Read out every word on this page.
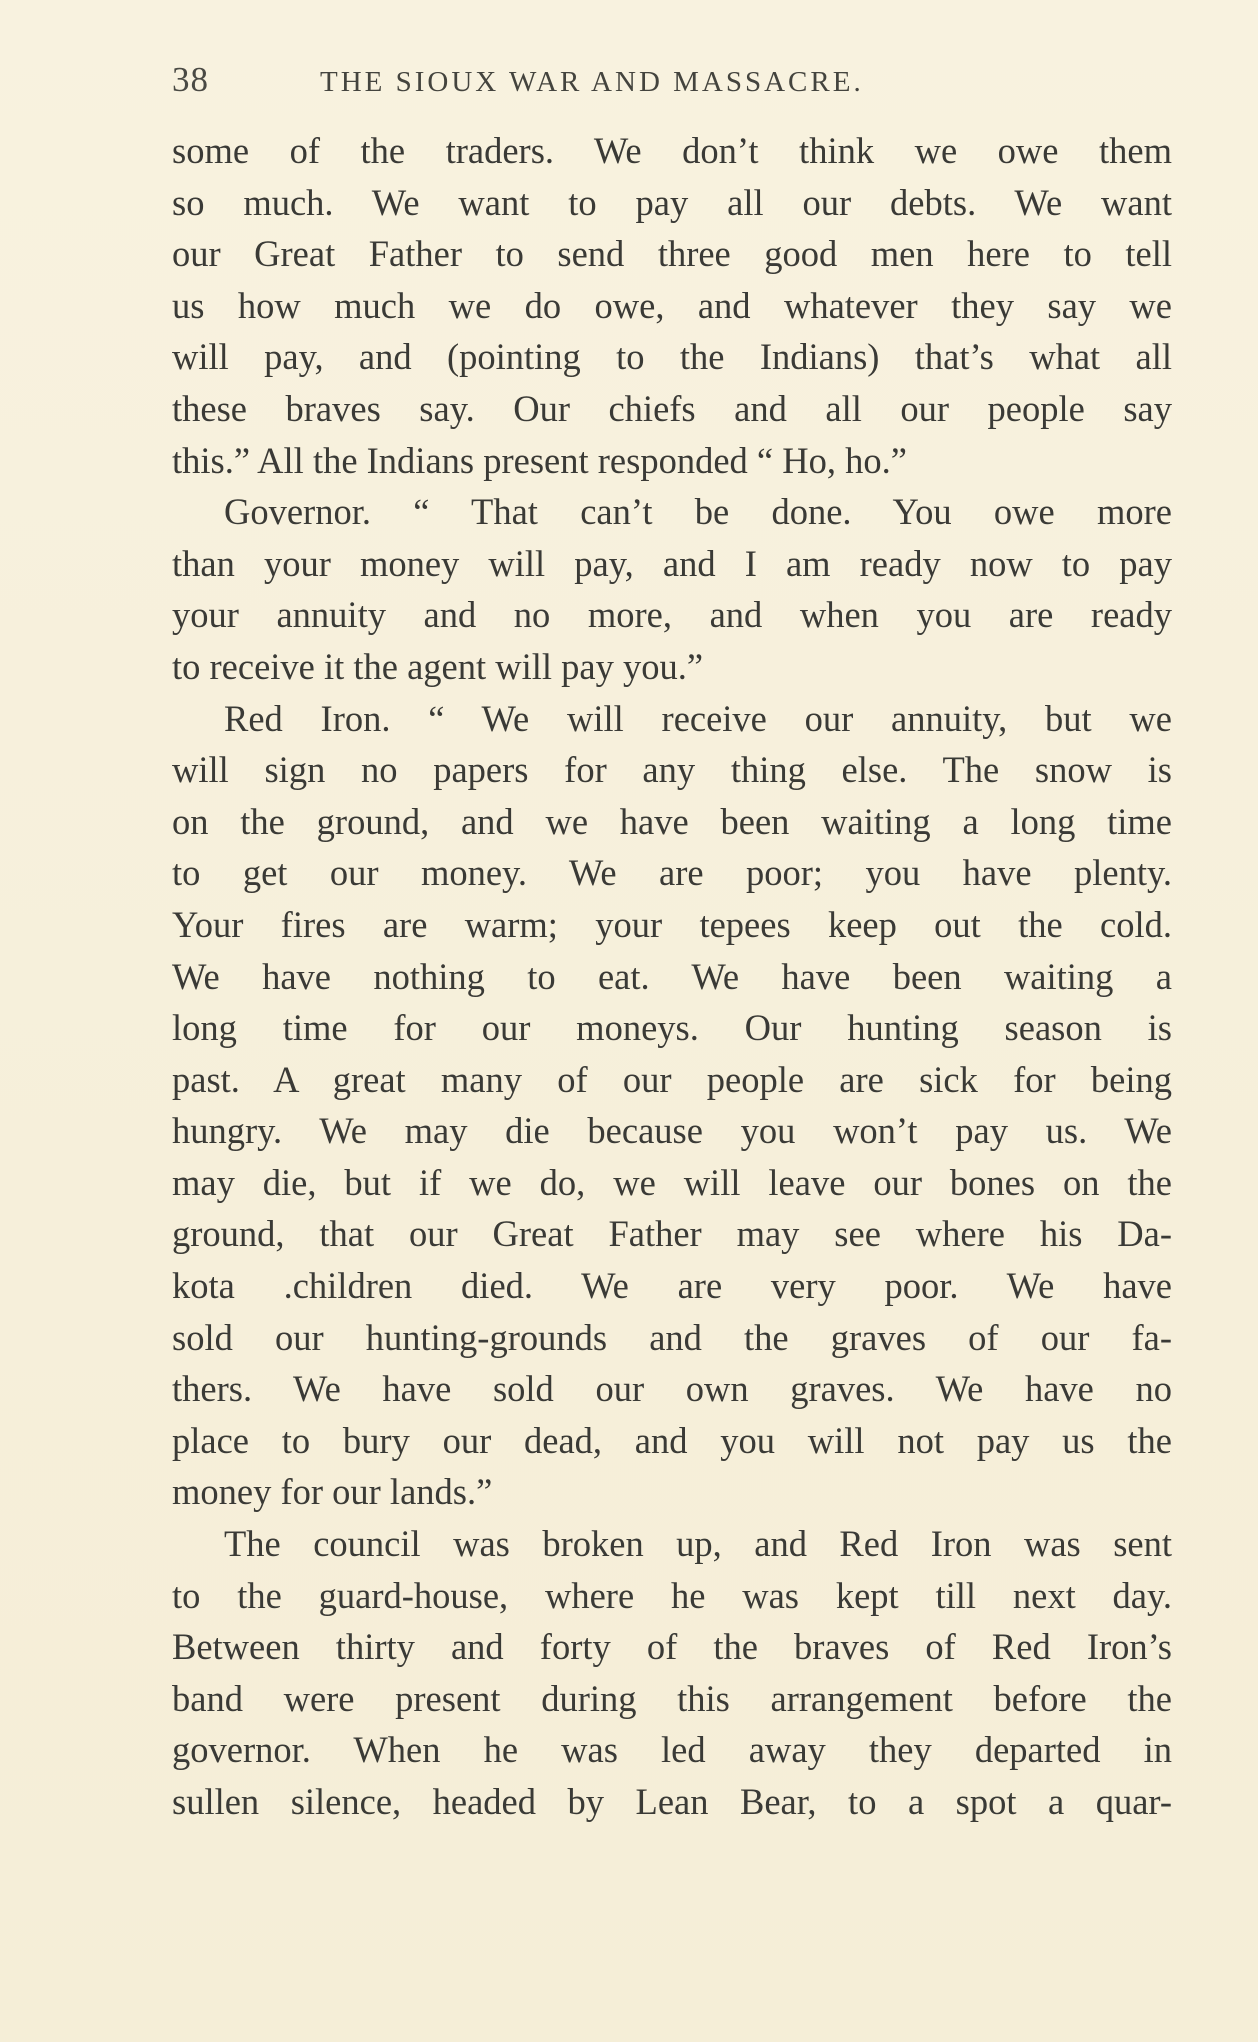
38	THE SIOUX WAR AND MASSACRE.
some of the traders. We don’t think we owe them
so much. We want to pay all our debts. We want
our Great Father to send three good men here to tell
us how much we do owe, and whatever they say we
will pay, and (pointing to the Indians) that’s what all
these braves say. Our chiefs and all our people say
this.” All the Indians present responded “ Ho, ho.”
Governor. “ That can’t be done. You owe more
than your money will pay, and I am ready now to pay
your annuity and no more, and when you are ready
to receive it the agent will pay you.”
Red Iron. “ We will receive our annuity, but we
will sign no papers for any thing else. The snow is
on the ground, and we have been waiting a long time
to get our money. We are poor; you have plenty.
Your fires are warm; your tepees keep out the cold.
We have nothing to eat. We have been waiting a
long time for our moneys. Our hunting season is
past. A great many of our people are sick for being
hungry. We may die because you won’t pay us. We
may die, but if we do, we will leave our bones on the
ground, that our Great Father may see where his Da-
kota .children died. We are very poor. We have
sold our hunting-grounds and the graves of our fa-
thers. We have sold our own graves. We have no
place to bury our dead, and you will not pay us the
money for our lands.”
The council was broken up, and Red Iron was sent
to the guard-house, where he was kept till next day.
Between thirty and forty of the braves of Red Iron’s
band were present during this arrangement before the
governor. When he was led away they departed in
sullen silence, headed by Lean Bear, to a spot a quar-
